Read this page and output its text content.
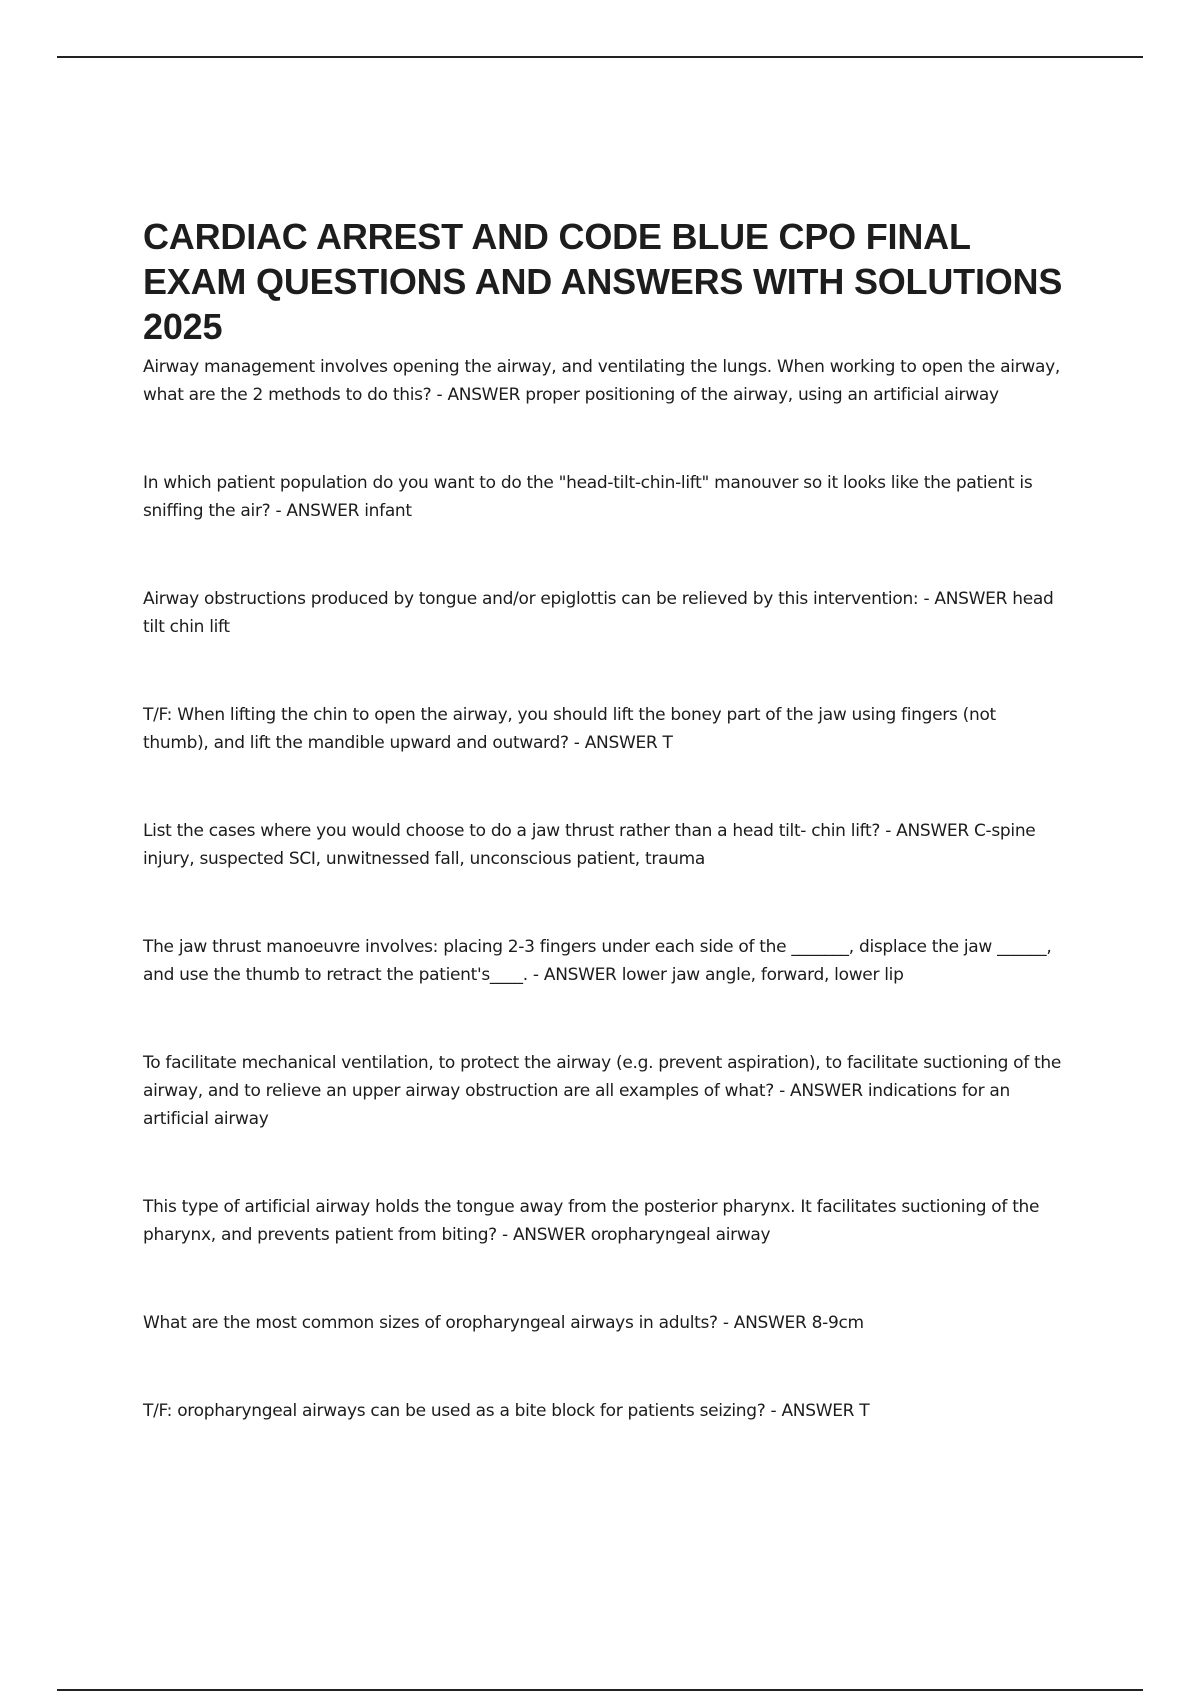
CARDIAC ARREST AND CODE BLUE CPO FINAL EXAM QUESTIONS AND ANSWERS WITH SOLUTIONS 2025
Airway management involves opening the airway, and ventilating the lungs. When working to open the airway, what are the 2 methods to do this? - ANSWER proper positioning of the airway, using an artificial airway
In which patient population do you want to do the "head-tilt-chin-lift" manouver so it looks like the patient is sniffing the air? - ANSWER infant
Airway obstructions produced by tongue and/or epiglottis can be relieved by this intervention: - ANSWER head tilt chin lift
T/F: When lifting the chin to open the airway, you should lift the boney part of the jaw using fingers (not thumb), and lift the mandible upward and outward? - ANSWER T
List the cases where you would choose to do a jaw thrust rather than a head tilt- chin lift? - ANSWER C-spine injury, suspected SCI, unwitnessed fall, unconscious patient, trauma
The jaw thrust manoeuvre involves: placing 2-3 fingers under each side of the _______, displace the jaw ______, and use the thumb to retract the patient's____. - ANSWER lower jaw angle, forward, lower lip
To facilitate mechanical ventilation, to protect the airway (e.g. prevent aspiration), to facilitate suctioning of the airway, and to relieve an upper airway obstruction are all examples of what? - ANSWER indications for an artificial airway
This type of artificial airway holds the tongue away from the posterior pharynx. It facilitates suctioning of the pharynx, and prevents patient from biting? - ANSWER oropharyngeal airway
What are the most common sizes of oropharyngeal airways in adults? - ANSWER 8-9cm
T/F: oropharyngeal airways can be used as a bite block for patients seizing? - ANSWER T
